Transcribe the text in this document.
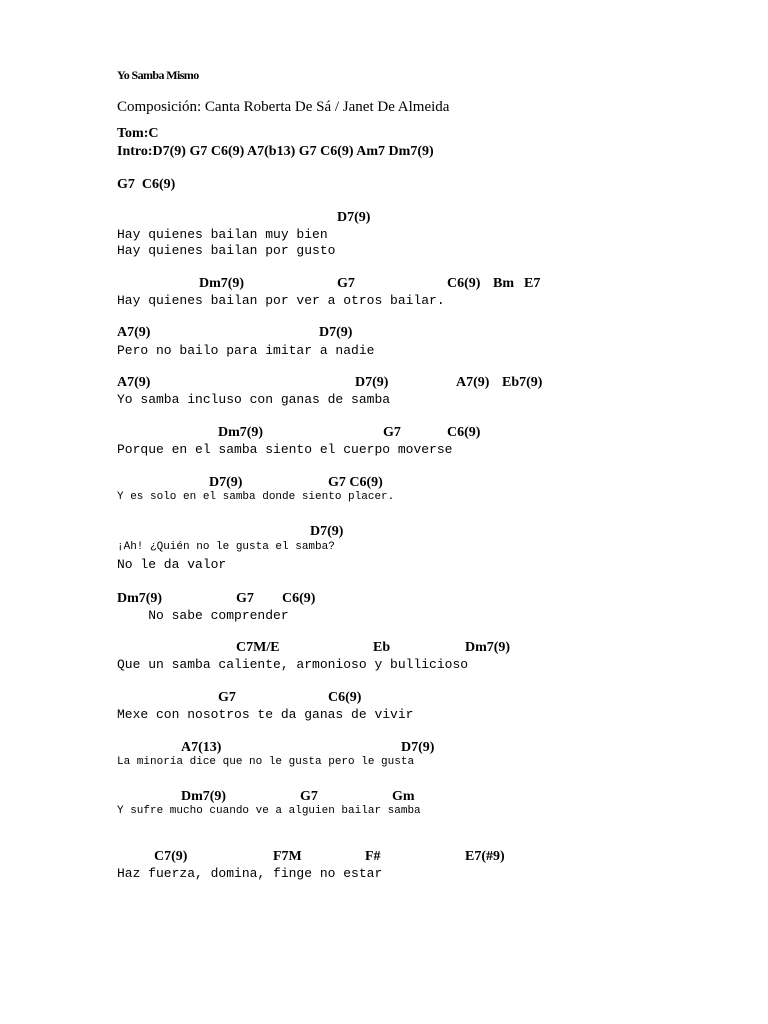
Yo Samba Mismo
Composición: Canta Roberta De Sá / Janet De Almeida
Tom:C
Intro:D7(9) G7 C6(9) A7(b13) G7 C6(9) Am7 Dm7(9)
G7  C6(9)
D7(9)
Hay quienes bailan muy bien
Hay quienes bailan por gusto
Dm7(9)	G7	C6(9) Bm E7
Hay quienes bailan por ver a otros bailar.
A7(9)	D7(9)
Pero no bailo para imitar a nadie
A7(9)	D7(9)	A7(9) Eb7(9)
Yo samba incluso con ganas de samba
Dm7(9)	G7	C6(9)
Porque en el samba siento el cuerpo moverse
D7(9)	G7 C6(9)
Y es solo en el samba donde siento placer.
D7(9)
¡Ah! ¿Quién no le gusta el samba?
No le da valor
Dm7(9)	G7 C6(9)
No sabe comprender
C7M/E	Eb	Dm7(9)
Que un samba caliente, armonioso y bullicioso
G7	C6(9)
Mexe con nosotros te da ganas de vivir
A7(13)	D7(9)
La minoría dice que no le gusta pero le gusta
Dm7(9)	G7	Gm
Y sufre mucho cuando ve a alguien bailar samba
C7(9)	F7M	F#	E7(#9)
Haz fuerza, domina, finge no estar
